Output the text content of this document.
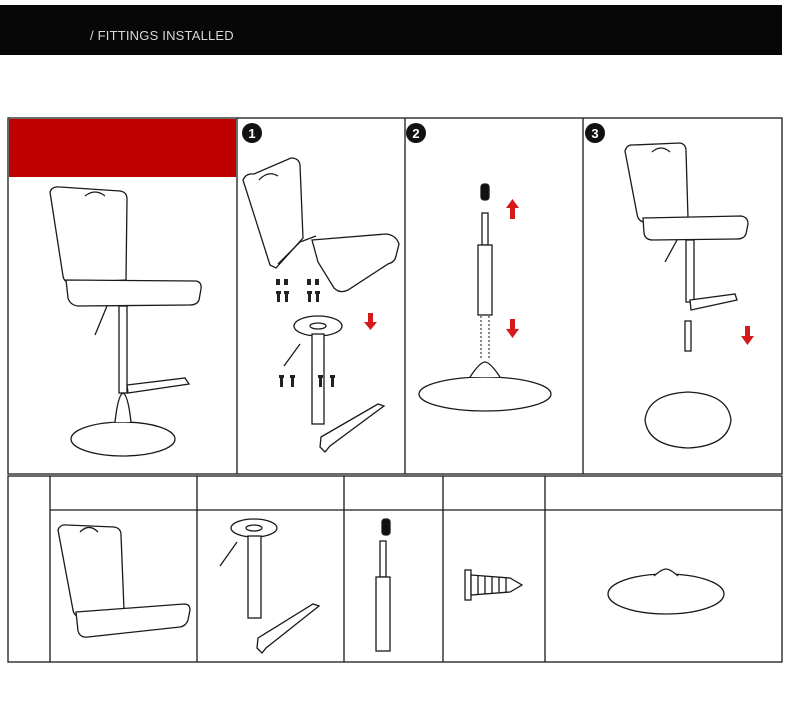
/ FITTINGS INSTALLED
1	2	3
